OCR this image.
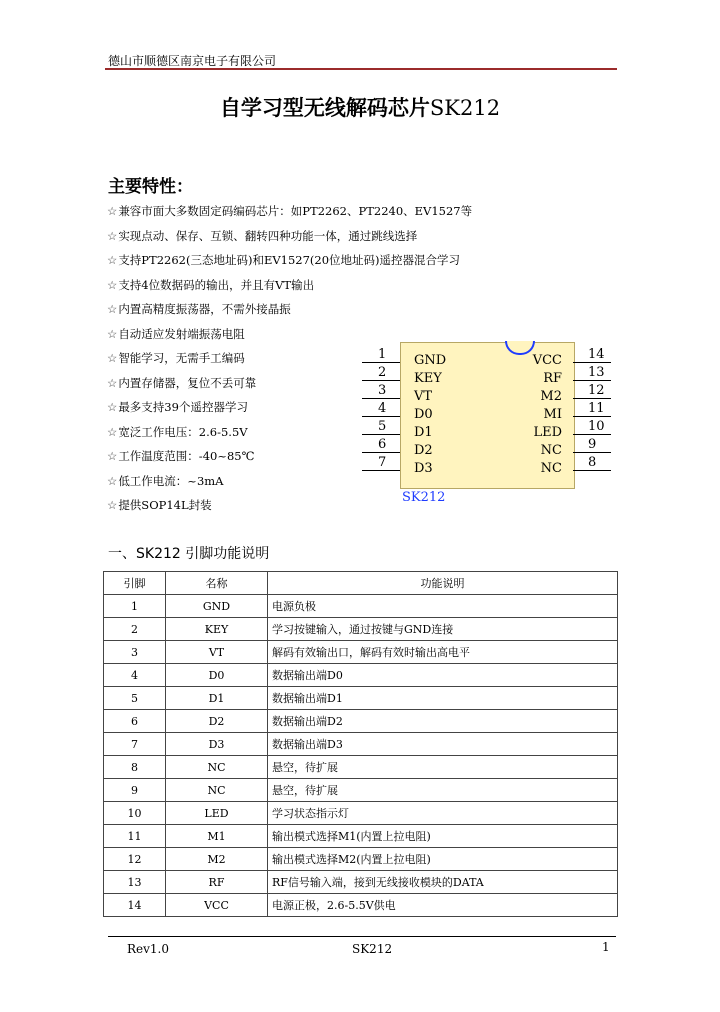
德山市顺德区南京电子有限公司
自学习型无线解码芯片SK212
主要特性：
☆兼容市面大多数固定码编码芯片：如PT2262、PT2240、EV1527等
☆实现点动、保存、互锁、翻转四种功能一体，通过跳线选择
☆支持PT2262(三态地址码)和EV1527(20位地址码)遥控器混合学习
☆支持4位数据码的输出，并且有VT输出
☆内置高精度振荡器，不需外接晶振
☆自动适应发射端振荡电阻
☆智能学习，无需手工编码
☆内置存储器，复位不丢可靠
☆最多支持39个遥控器学习
☆宽泛工作电压：2.6-5.5V
☆工作温度范围：-40~85℃
☆低工作电流：~3mA
☆提供SOP14L封装	SK212
1 GND
2 KEY
3 VT
4 D0
5 D1
6 D2
7 D3
14
VCC
13
RF
12
M2
11
MI
10
LED
9
NC
8
NC
一、SK212 引脚功能说明
引脚	名称	功能说明
1	GND	电源负极
2	KEY	学习按键输入，通过按键与GND连接
3	VT	解码有效输出口，解码有效时输出高电平
4	D0	数据输出端D0
5	D1	数据输出端D1
6	D2	数据输出端D2
7	D3	数据输出端D3
8	NC	悬空，待扩展
9	NC	悬空，待扩展
10	LED	学习状态指示灯
11	M1	输出模式选择M1(内置上拉电阻)
12	M2	输出模式选择M2(内置上拉电阻)
13	RF	RF信号输入端，接到无线接收模块的DATA
14	VCC	电源正极，2.6-5.5V供电
Rev1.0	SK212	1
